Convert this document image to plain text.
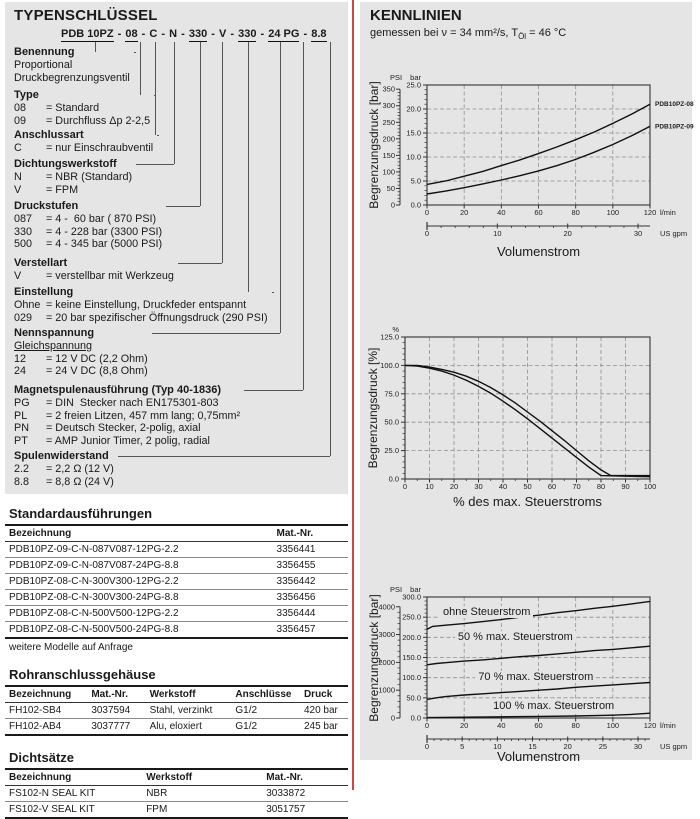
TYPENSCHLÜSSEL
PDB 10PZ - 08 - C - N - 330 - V - 330 - 24 PG - 8.8
Benennung
Proportional
Druckbegrenzungsventil
Type
08 = Standard
09 = Durchfluss Δp 2-2,5
Anschlussart
C = nur Einschraubventil
Dichtungswerkstoff
N = NBR (Standard)
V = FPM
Druckstufen
087 = 4 -  60 bar ( 870 PSI)
330 = 4 - 228 bar (3300 PSI)
500 = 4 - 345 bar (5000 PSI)
Verstellart
V = verstellbar mit Werkzeug
Einstellung
Ohne = keine Einstellung, Druckfeder entspannt
029 = 20 bar spezifischer Öffnungsdruck (290 PSI)
Nennspannung
Gleichspannung
12 = 12 V DC (2,2 Ohm)
24 = 24 V DC (8,8 Ohm)
Magnetspulenausführung (Typ 40-1836)
PG = DIN  Stecker nach EN175301-803
PL = 2 freien Litzen, 457 mm lang; 0,75mm²
PN = Deutsch Stecker, 2-polig, axial
PT = AMP Junior Timer, 2 polig, radial
Spulenwiderstand
2.2 = 2,2 Ω (12 V)
8.8 = 8,8 Ω (24 V)
Standardausführungen
Bezeichnung	Mat.-Nr.
PDB10PZ-09-C-N-087V087-12PG-2.2	3356441
PDB10PZ-09-C-N-087V087-24PG-8.8	3356455
PDB10PZ-08-C-N-300V300-12PG-2.2	3356442
PDB10PZ-08-C-N-300V300-24PG-8.8	3356456
PDB10PZ-08-C-N-500V500-12PG-2.2	3356444
PDB10PZ-08-C-N-500V500-24PG-8.8	3356457
weitere Modelle auf Anfrage
Rohranschlussgehäuse
Bezeichnung	Mat.-Nr.	Werkstoff	Anschlüsse	Druck
FH102-SB4	3037594	Stahl, verzinkt	G1/2	420 bar
FH102-AB4	3037777	Alu, eloxiert	G1/2	245 bar
Dichtsätze
Bezeichnung	Werkstoff	Mat.-Nr.
FS102-N SEAL KIT	NBR	3033872
FS102-V SEAL KIT	FPM	3051757
KENNLINIEN
gemessen bei ν = 34 mm²/s, $T_{Öl} = 46$ °C
Begrenzungsdruck [bar]
Volumenstrom
0	20	40	60	80	100	120 l/min
0.0
5.0
10.0
15.0
20.0
25.0
bar
0
50
100
150
200
250
300
350
PSI
0	10	20	30 US gpm
PDB10PZ-08
PDB10PZ-09
Begrenzungsdruck [%]
% des max. Steuerstroms
0 10 20 30 40 50 60 70 80 90 100
0.0
25.0
50.0
75.0
100.0
125.0
%
Begrenzungsdruck [bar]
Volumenstrom
0	20	40	60	80	100	120 l/min
0.0
50.0
100.0
150.0
200.0
250.0
300.0
bar
0
1000
2000
3000
4000
PSI
0	5	10	15	20	25	30 US gpm
ohne Steuerstrom
50 % max. Steuerstrom
70 % max. Steuerstrom
100 % max. Steuerstrom
